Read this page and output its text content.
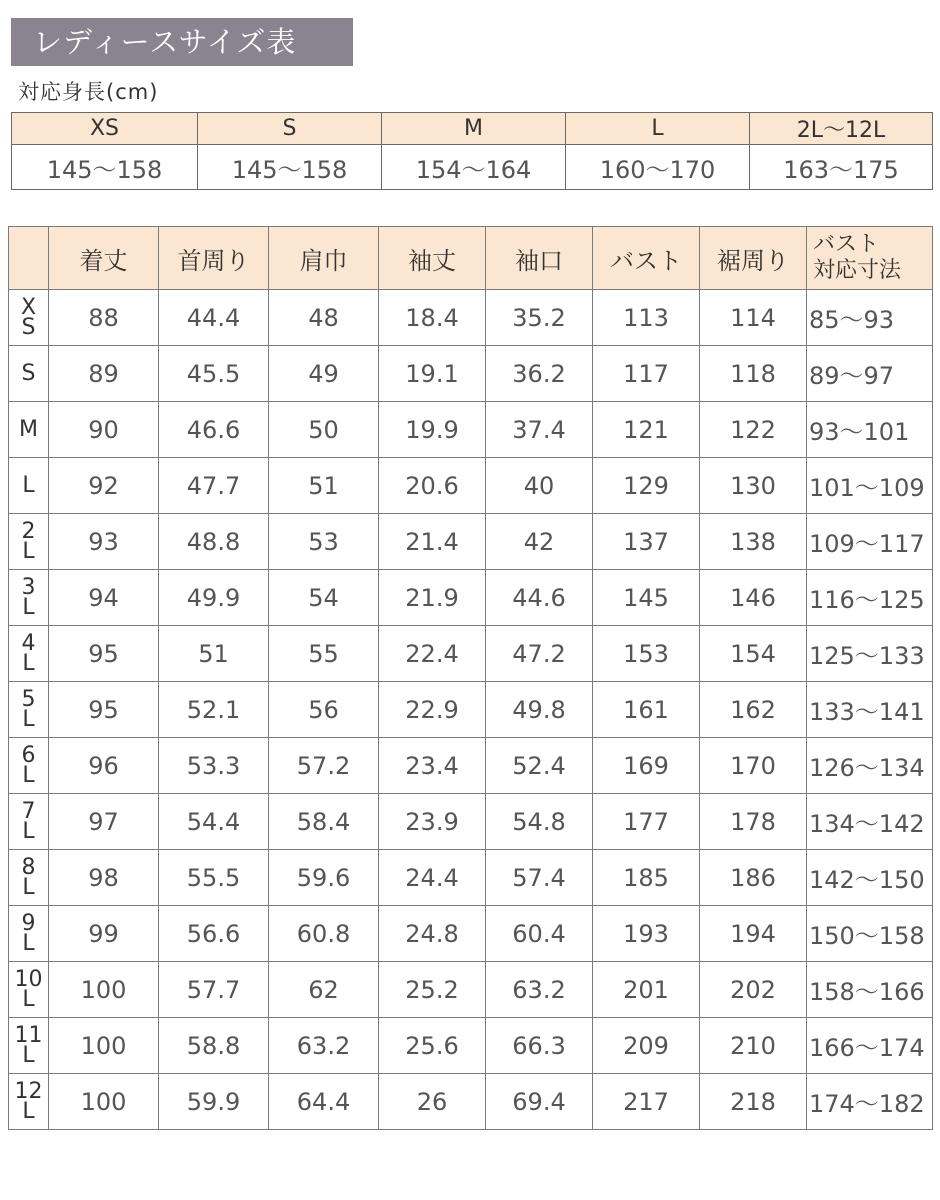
レディースサイズ表
対応身長(cm)
XS	S	M	L	2L〜12L
145〜158	145〜158	154〜164	160〜170	163〜175
	着丈	首周り	肩巾	袖丈	袖口	バスト	裾周り	バスト
対応寸法

X
S	88	44.4	48	18.4	35.2	113	114	85〜93

S	89	45.5	49	19.1	36.2	117	118	89〜97

M	90	46.6	50	19.9	37.4	121	122	93〜101

L	92	47.7	51	20.6	40	129	130	101〜109

2
L	93	48.8	53	21.4	42	137	138	109〜117

3
L	94	49.9	54	21.9	44.6	145	146	116〜125

4
L	95	51	55	22.4	47.2	153	154	125〜133

5
L	95	52.1	56	22.9	49.8	161	162	133〜141

6
L	96	53.3	57.2	23.4	52.4	169	170	126〜134

7
L	97	54.4	58.4	23.9	54.8	177	178	134〜142

8
L	98	55.5	59.6	24.4	57.4	185	186	142〜150

9
L	99	56.6	60.8	24.8	60.4	193	194	150〜158

10
L	100	57.7	62	25.2	63.2	201	202	158〜166

11
L	100	58.8	63.2	25.6	66.3	209	210	166〜174

12
L	100	59.9	64.4	26	69.4	217	218	174〜182
